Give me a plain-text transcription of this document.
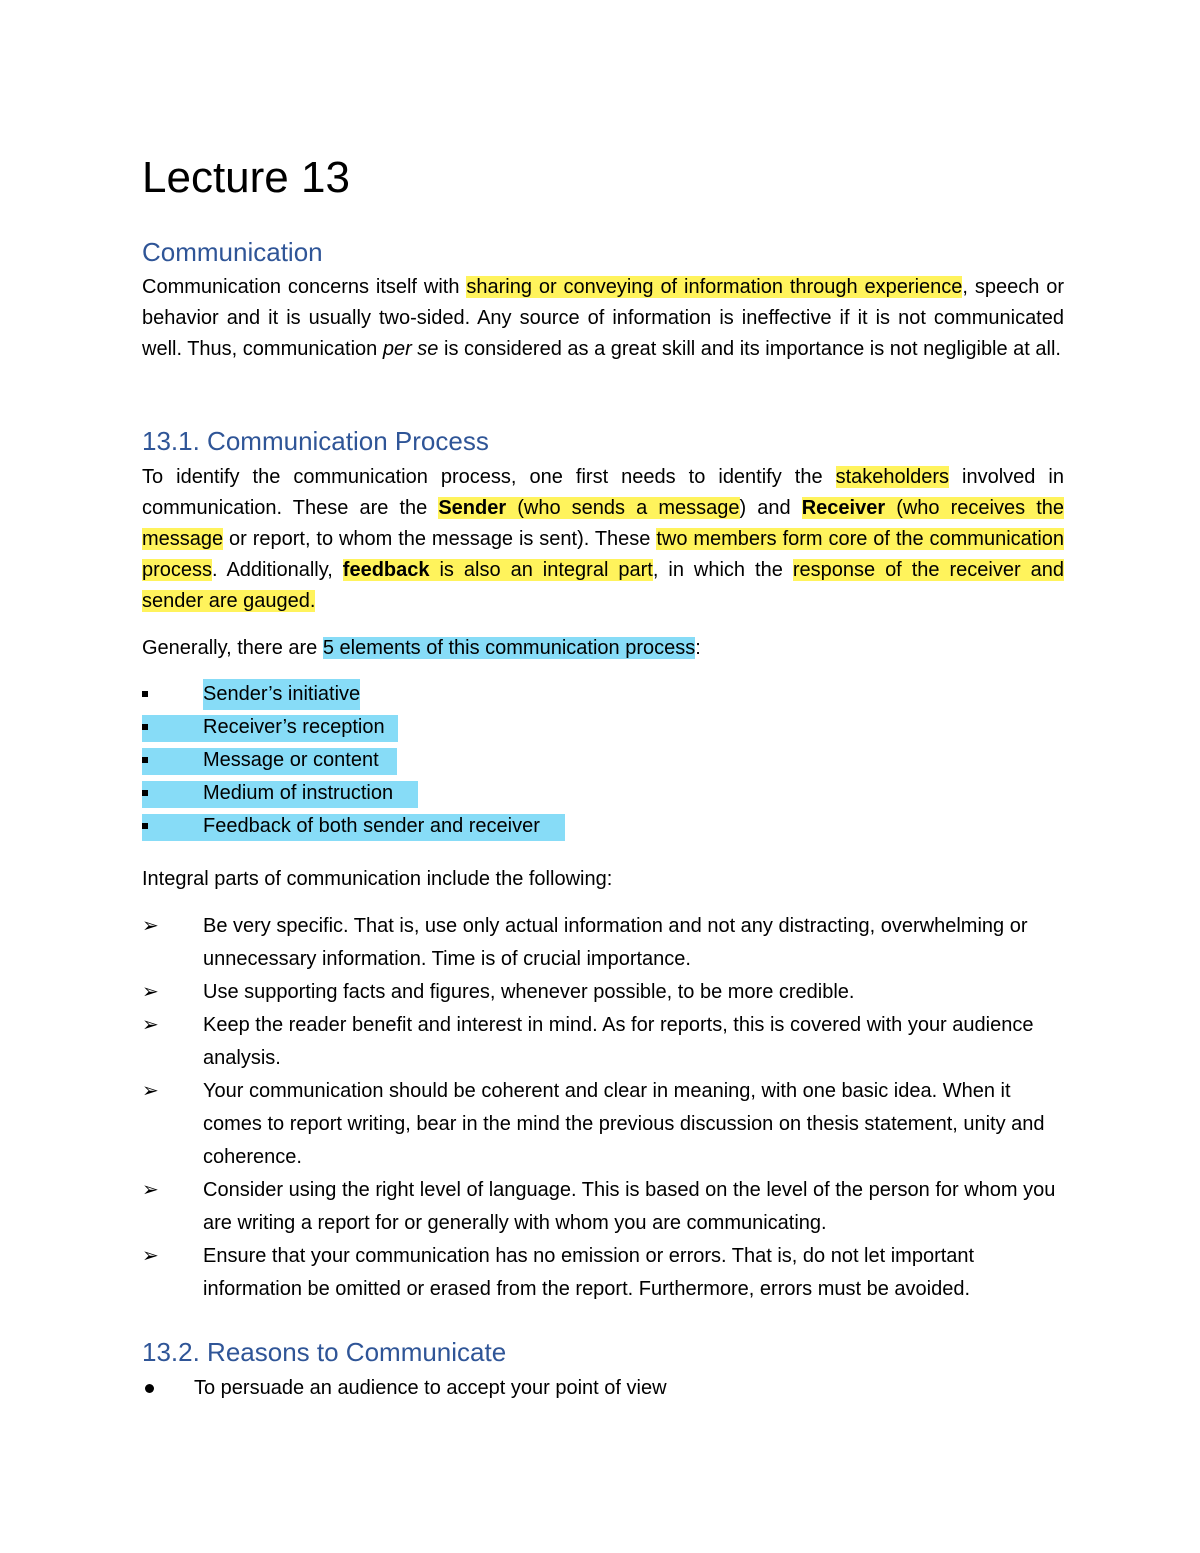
Lecture 13
Communication

Communication concerns itself with sharing or conveying of information through experience, speech or behavior and it is usually two-sided. Any source of information is ineffective if it is not communicated well. Thus, communication per se is considered as a great skill and its importance is not negligible at all.

13.1. Communication Process

To identify the communication process, one first needs to identify the stakeholders involved in communication. These are the Sender (who sends a message) and Receiver (who receives the message or report, to whom the message is sent). These two members form core of the communication process. Additionally, feedback is also an integral part, in which the response of the receiver and sender are gauged.

Generally, there are 5 elements of this communication process:

Sender’s initiative
Receiver’s reception
Message or content
Medium of instruction
Feedback of both sender and receiver

Integral parts of communication include the following:

➢ Be very specific. That is, use only actual information and not any distracting, overwhelming or unnecessary information. Time is of crucial importance.
➢ Use supporting facts and figures, whenever possible, to be more credible.
➢ Keep the reader benefit and interest in mind. As for reports, this is covered with your audience analysis.
➢ Your communication should be coherent and clear in meaning, with one basic idea. When it comes to report writing, bear in the mind the previous discussion on thesis statement, unity and coherence.
➢ Consider using the right level of language. This is based on the level of the person for whom you are writing a report for or generally with whom you are communicating.
➢ Ensure that your communication has no emission or errors. That is, do not let important information be omitted or erased from the report. Furthermore, errors must be avoided.
13.2. Reasons to Communicate
To persuade an audience to accept your point of view
